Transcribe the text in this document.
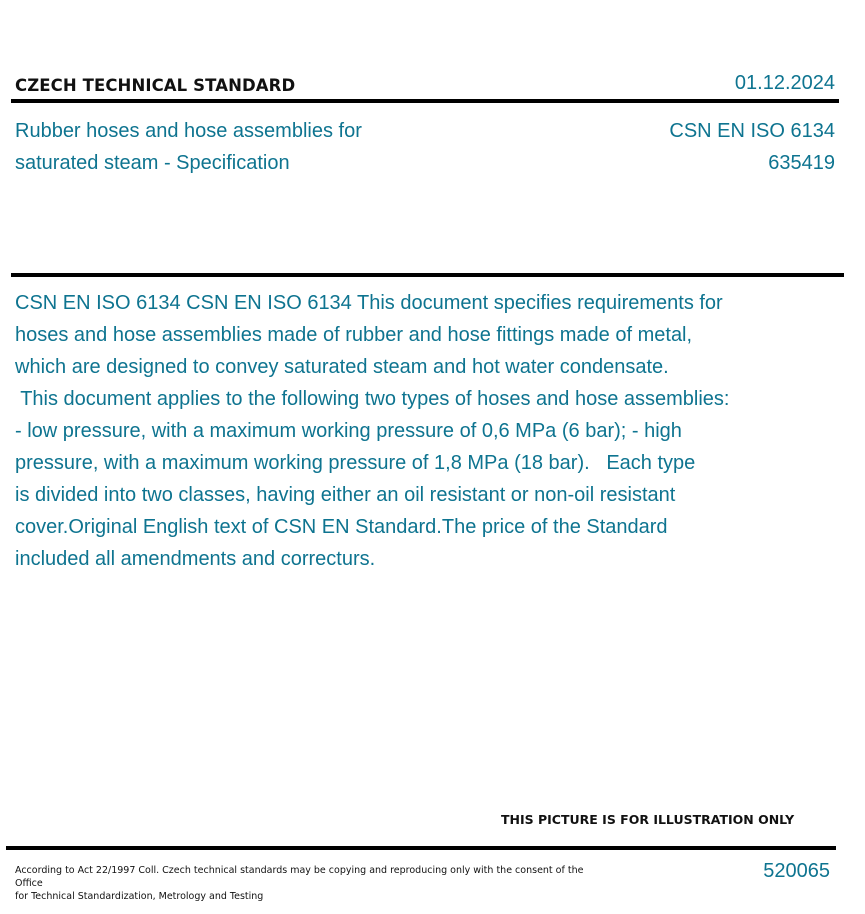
CZECH TECHNICAL STANDARD	01.12.2024
Rubber hoses and hose assemblies for
saturated steam - Specification
CSN EN ISO 6134
635419
CSN EN ISO 6134 CSN EN ISO 6134 This document specifies requirements for
hoses and hose assemblies made of rubber and hose fittings made of metal,
which are designed to convey saturated steam and hot water condensate.
This document applies to the following two types of hoses and hose assemblies:
- low pressure, with a maximum working pressure of 0,6 MPa (6 bar); - high
pressure, with a maximum working pressure of 1,8 MPa (18 bar).   Each type
is divided into two classes, having either an oil resistant or non-oil resistant
cover.Original English text of CSN EN Standard.The price of the Standard
included all amendments and correcturs.
THIS PICTURE IS FOR ILLUSTRATION ONLY
According to Act 22/1997 Coll. Czech technical standards may be copying and reproducing only with the consent of the Office
for Technical Standardization, Metrology and Testing
520065
